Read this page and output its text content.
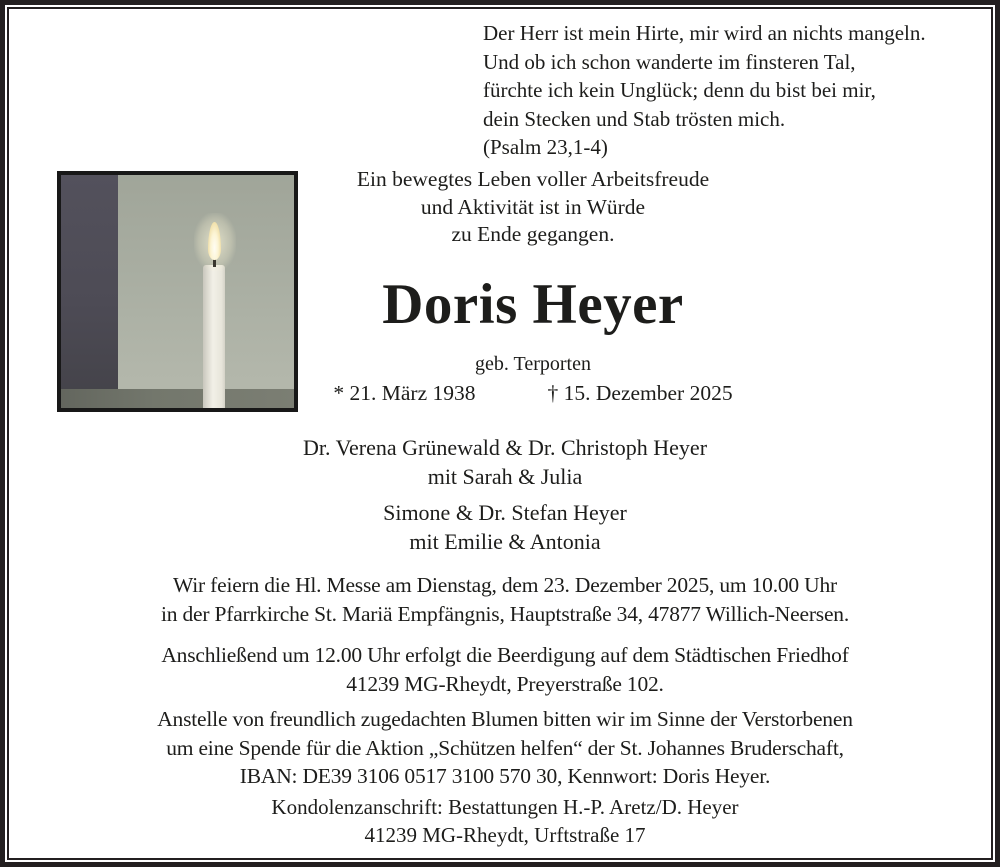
Der Herr ist mein Hirte, mir wird an nichts mangeln.
Und ob ich schon wanderte im finsteren Tal,
fürchte ich kein Unglück; denn du bist bei mir,
dein Stecken und Stab trösten mich.
(Psalm 23,1-4)
Ein bewegtes Leben voller Arbeitsfreude
und Aktivität ist in Würde
zu Ende gegangen.
Doris Heyer
geb. Terporten
* 21. März 1938	† 15. Dezember 2025
Dr. Verena Grünewald & Dr. Christoph Heyer
mit Sarah & Julia
Simone & Dr. Stefan Heyer
mit Emilie & Antonia
Wir feiern die Hl. Messe am Dienstag, dem 23. Dezember 2025, um 10.00 Uhr
in der Pfarrkirche St. Mariä Empfängnis, Hauptstraße 34, 47877 Willich-Neersen.
Anschließend um 12.00 Uhr erfolgt die Beerdigung auf dem Städtischen Friedhof
41239 MG-Rheydt, Preyerstraße 102.
Anstelle von freundlich zugedachten Blumen bitten wir im Sinne der Verstorbenen
um eine Spende für die Aktion „Schützen helfen“ der St. Johannes Bruderschaft,
IBAN: DE39 3106 0517 3100 570 30, Kennwort: Doris Heyer.
Kondolenzanschrift: Bestattungen H.-P. Aretz/D. Heyer
41239 MG-Rheydt, Urftstraße 17
